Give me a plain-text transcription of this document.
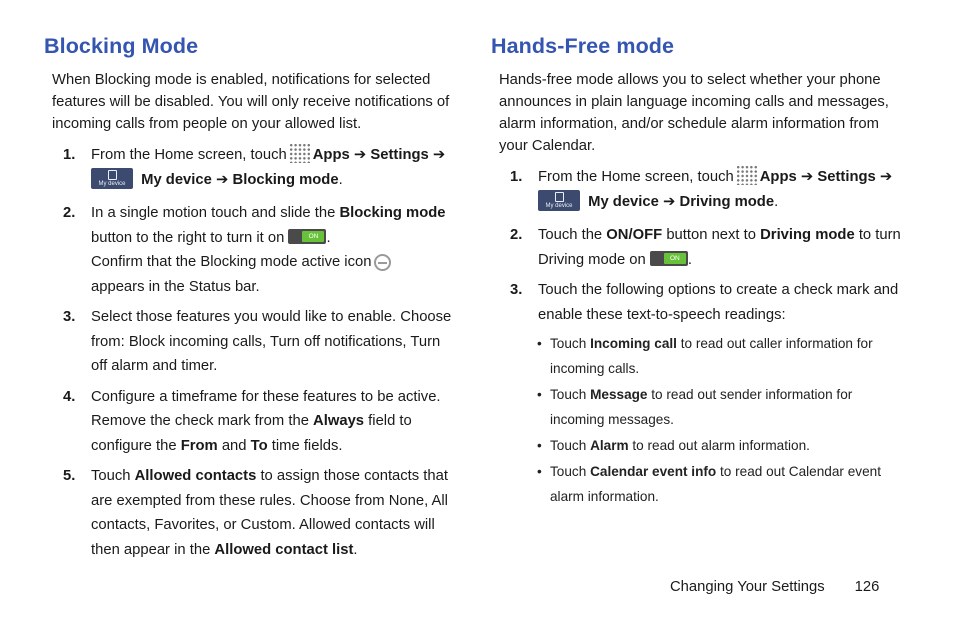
Blocking Mode

When Blocking mode is enabled, notifications for selected features will be disabled. You will only receive notifications of incoming calls from people on your allowed list.

1. From the Home screen, touch Apps ➔ Settings ➔

My device	My device ➔ Blocking mode.
2. In a single motion touch and slide the Blocking mode
button to the right to turn it on	ON .
Confirm that the Blocking mode active icon
appears in the Status bar.
3. Select those features you would like to enable. Choose from: Block incoming calls, Turn off notifications, Turn off alarm and timer.
4. Configure a timeframe for these features to be active. Remove the check mark from the Always field to configure the From and To time fields.
5. Touch Allowed contacts to assign those contacts that are exempted from these rules. Choose from None, All contacts, Favorites, or Custom. Allowed contacts will then appear in the Allowed contact list.
Hands-Free mode

Hands-free mode allows you to select whether your phone announces in plain language incoming calls and messages, alarm information, and/or schedule alarm information from your Calendar.

1. From the Home screen, touch Apps ➔ Settings ➔

My device	My device ➔ Driving mode.
2. Touch the ON/OFF button next to Driving mode to turn Driving mode on	ON .
3. Touch the following options to create a check mark and enable these text-to-speech readings:
• Touch Incoming call to read out caller information for incoming calls.
• Touch Message to read out sender information for incoming messages.
• Touch Alarm to read out alarm information.
• Touch Calendar event info to read out Calendar event alarm information.
Changing Your Settings 126
